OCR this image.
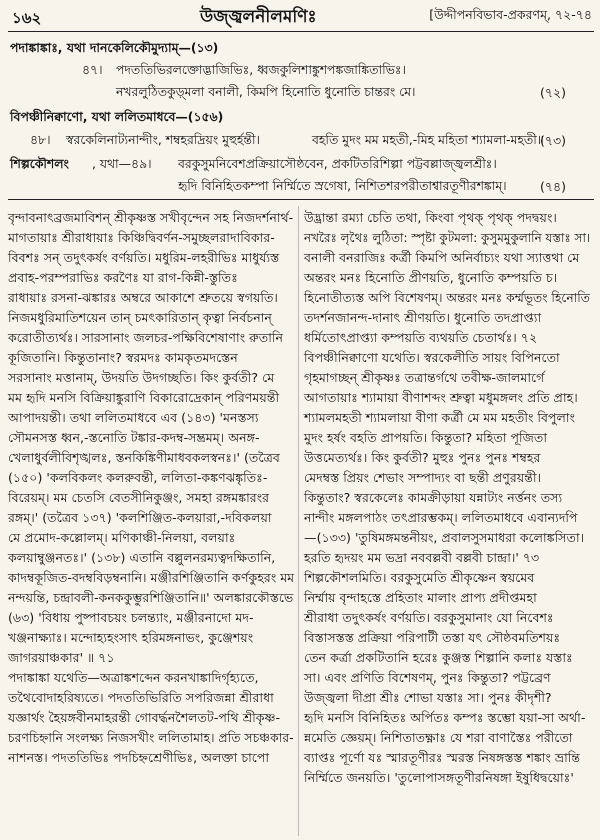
১৬২	উজ্জ্বলনীলমণিঃ	[উদ্দীপনবিভাব-প্রকরণম্, ৭২-৭৪
পদাঙ্কাঙ্কাঃ, যথা দানকেলিকৌমুদ্যাম্—(১৩)
৪৭। পদততিভিরলক্তোদ্ভাজিভিঃ, ধ্বজকুলিশাঙ্কুশপঙ্কজাঙ্কিতাভিঃ।
নখরলুঠিতকুড়্মলা বনালী, কিমপি হিনোতি ধুনোতি চান্তরং মে।	(৭২)
বিপঞ্চীনিক্বাণো, যথা ললিতমাধবে—(১৫৬)
৪৮। স্বরকেলিনাট্যনান্দীং, শম্বহরদ্রিয়ং মুহুর্হন্তী।	বহতি মুদং মম মহতী,-মিহ মহিতা শ্যামলা-মহতী॥
(৭৩)
শিল্পকৌশলং , যথা—৪৯। বরকুসুমনিবেশপ্রক্রিয়াসৌষ্ঠবেন, প্রকটিতরিশিল্পা পট্টবল্লাজ্জ্বলশ্রীঃ।
হৃদি বিনিহিতকম্পা নির্ম্মিতে স্রগেষা, নিশিতশরপরীতাশ্বারতূণীরশঙ্কাম্।	(৭৪)
বৃন্দাবনাৎব্রজমাবিশন্ শ্রীকৃষ্ণস্ত সখীবৃন্দেন সহ নিজদর্শনার্থ-
মাগতায়াঃ শ্রীরাধায়াঃ কিঞ্চিদ্বিবর্ণন-সমুচ্ছলরাদাবিকার-
বিবশঃ সন্ তদুৎকর্ষং বর্ণয়তি। মধুরিম-লহরীভিঃ মাধুর্য্যস্ত
প্রবাহ-পরম্পরাভিঃ করণৈঃ যা রাগ-কিন্নী-স্তুতিঃ
রাধায়াঃ রসনা-ঝঙ্কারঃ অম্বরে আকাশে শ্রুতয়ে স্বগয়তি।
নিজমধুরিমাতিশয়েন তান্ চমৎকারিতান্ কৃত্বা নির্বচনান্
করোতীত্যর্থঃ। সারসানাং জলচর-পক্ষিবিশেষাণাং রুতানি
কূজিতানি। কিন্তুতানাং? স্বরমদঃ কামকৃতমদস্তেন
সরসানাং মত্তানাম্, উদয়তি উদগচ্ছতি। কিং কুর্বতী? মে
মম হৃদি মনসি বিক্রিয়াঙ্কুরাণি বিকারোদ্রেকান্ পরিণময়ন্তী
আপাদয়ন্তী। তথা ললিতমাধবে এব (১৪৩) 'মনস্তস্য
সৌমনসস্ত ধ্বন,-স্তনোতি টঙ্কার-কদম্ব-সম্ভ্রমম্। অনঙ্গ-
খেলাধুর্বলীবিশৃঙ্খলঃ, স্তনকিঙ্কিণীমাধবকলস্বনঃ।' (তত্রৈব
(১৫০) 'কলবিকলং কলরুবন্তী, ললিতা-কঙ্কণঝঙ্কৃতিঃ-
বিরেয়ম্। মম চেতসি বেতসীনিকুঞ্জং, সমহা রঙ্গমঙ্কারংর
রঙ্গম্।' (তত্রৈব ১৩৭) 'কলশিঞ্জিত-কলয়ারা,-দবিকলয়া
মে প্রমোদ-কল্লোলম্। মণিকাঞ্চী-নিলয়া, বলয়াঃ
কলয়াম্বুঞ্জনতঃ।' (১৩৮) এতানি বল্লুলনরম্যত্বদক্ষিতানি,
কাদম্বকূজিত-বদম্ববিড়ম্বনানি। মঞ্জীরশিঞ্জিতানি কর্ণকুহরং মম
নন্দয়ন্তি, চন্দ্রাবলী-কনককুম্ভুরশিঞ্জিতানি॥' অলঙ্কারকৌস্তভে
(৬৩) 'বিধায় পুষ্পাবচয়ং চলন্ত্যাং, মঞ্জীরনাদো মদ-
খঞ্জনাক্ষ্যাঃ। মন্দোহ্যহংসাৎ হরিমঙ্গনাভং, কুঞ্জেশয়ং
জাগরয়াঞ্চকার' ॥ ৭১
পদাঙ্কাঙ্কা যথেতি—অত্রাঙ্কশব্দেন করনখাঙ্কাদির্গৃহ্যতে,
তথৈবোদাহরিষ্যতে। পদততিভিরিতি সপরিজন্না শ্রীরাধা
যজ্ঞার্থং হৈয়ঙ্গবীনমাহরন্তী গোবর্দ্ধনশৈলতট-পথি শ্রীকৃষ্ণ-
চরণচিহ্নানি সংলক্ষ্য নিজসখীং ললিতামাহ। প্রতি সচঞ্চকার-
নাশনস্ত। পদততিভিঃ পদচিহ্নশ্রেণীভিঃ, অলক্তা চাপো
উদ্ভ্রান্তা রম্যা চেতি তথা, কিংবা পৃথক্ পৃথক্ পদদ্বয়ং।
নখরৈঃ লৃথৈঃ লুঠিতা: স্পৃষ্টা কুটমলা: কুসুমমুকুলানি যস্তাঃ সা।
বনালী বনরাজিঃ কর্ত্রী কিমপি অনির্বাচ্যং যথা স্যাত্তথা মে
অন্তরং মনঃ হিনোতি প্রীণয়তি, ধুনোতি কম্পয়তি চ।
হিনোতীত্যস্ত অপি বিশেষণম্। অন্তরং মনঃ কর্ম্মভূতং হিনোতি
তদর্শনজানন্দ-দানাৎ শ্রীণয়তি। ধুনোতি তদপ্রাপ্ত্যা
ধর্মিতোৎপ্রাপ্ত্যা কম্পয়তি ব্যথয়তি চেতার্থঃ। ৭২
বিপঞ্চীনিক্বাণো যথেতি। স্বরকেলীতি সায়ং বিপিনতো
গৃহমাগচ্ছন্ শ্রীকৃষ্ণঃ তত্রান্তর্গথে তবীক্ষ-জালমার্গে
আগতায়াঃ শ্যামায়া বীণাশব্দং শ্রুত্বা মধুমঙ্গলং প্রতি প্রাহ।
শ্যামলমহতী শ্যামলায়া বীণা কর্ত্রী মে মম মহতীং বিপুলাং
মুদং হর্ষং বহতি প্রাপয়তি। কিন্তুতা? মহিতা পূজিতা
উত্তমেত্যর্থঃ। কিং কুর্বতী? মুহুঃ পুনঃ পুনঃ শম্বহর
মেদম্বস্ত প্রিয়ং শেভাং সম্পাদ্যং বা ছন্তী প্রণুরয়ন্তী।
কিন্তুতাং? স্বরকেলেঃ কামক্রীড়ায়া যন্নাট্যং নর্ত্তনং তস্য
নান্দীং মঙ্গলপাঠং তৎপ্রারম্ভকম্। ললিতমাধবে এবান্যদপি
—(১৩৩) 'তুষিমঙ্গমন্তনীয়ং, প্রবালসুসমাধরা কলোঙ্কসিতা।
হরতি হৃদয়ং মম ভদ্রা নববল্লবী বল্লবী চান্দ্রা।' ৭৩
শিল্পকৌশলমিতি। বরকুসুমেতি শ্রীকৃষ্ণেন স্বয়মেব
নির্ম্মায় বৃন্দাহস্তে প্রহিতাং মালাং প্রাপ্য প্রদীপ্তমহা
শ্রীরাধা তদুৎকর্ষং বর্ণয়তি। বরকুসুমানাং যো নিবেশঃ
বিস্তাসস্তস্ত প্রক্রিয়া পরিপাটী তস্তা যৎ সৌষ্ঠবমতিশয়ঃ
তেন কর্ত্রা প্রকটিতানি হরেঃ কুঞ্জস্ত শিল্পানি কলাঃ যস্তাঃ
সা। এবং প্রণিতি বিশেষণম্, পুনঃ কিন্তুতা? পট্টব্রেণ
উজ্জ্বলা দীপ্রা শ্রীঃ শোভা যস্তাঃ সা। পুনঃ কীদৃশী?
হৃদি মনসি বিনিহিতঃ অর্পিতঃ কম্পঃ স্তম্ভো যয়া-সা অর্থা-
ন্নমেতি জ্ঞেয়ম্। নিশিতাতক্ষ্ণাঃ যে শরা বাণাস্তৈঃ পরীতো
ব্যাপ্তঃ পূর্ণো যঃ স্মারতূণীরঃ স্মরস্ত নিষঙ্গস্তস্ত শঙ্কাং ভ্রান্তি
নির্ম্মিতে জনয়তি। 'তুলোপাসঙ্গতূণীরনিষঙ্গা ইষুধিদ্বয়োঃ'
